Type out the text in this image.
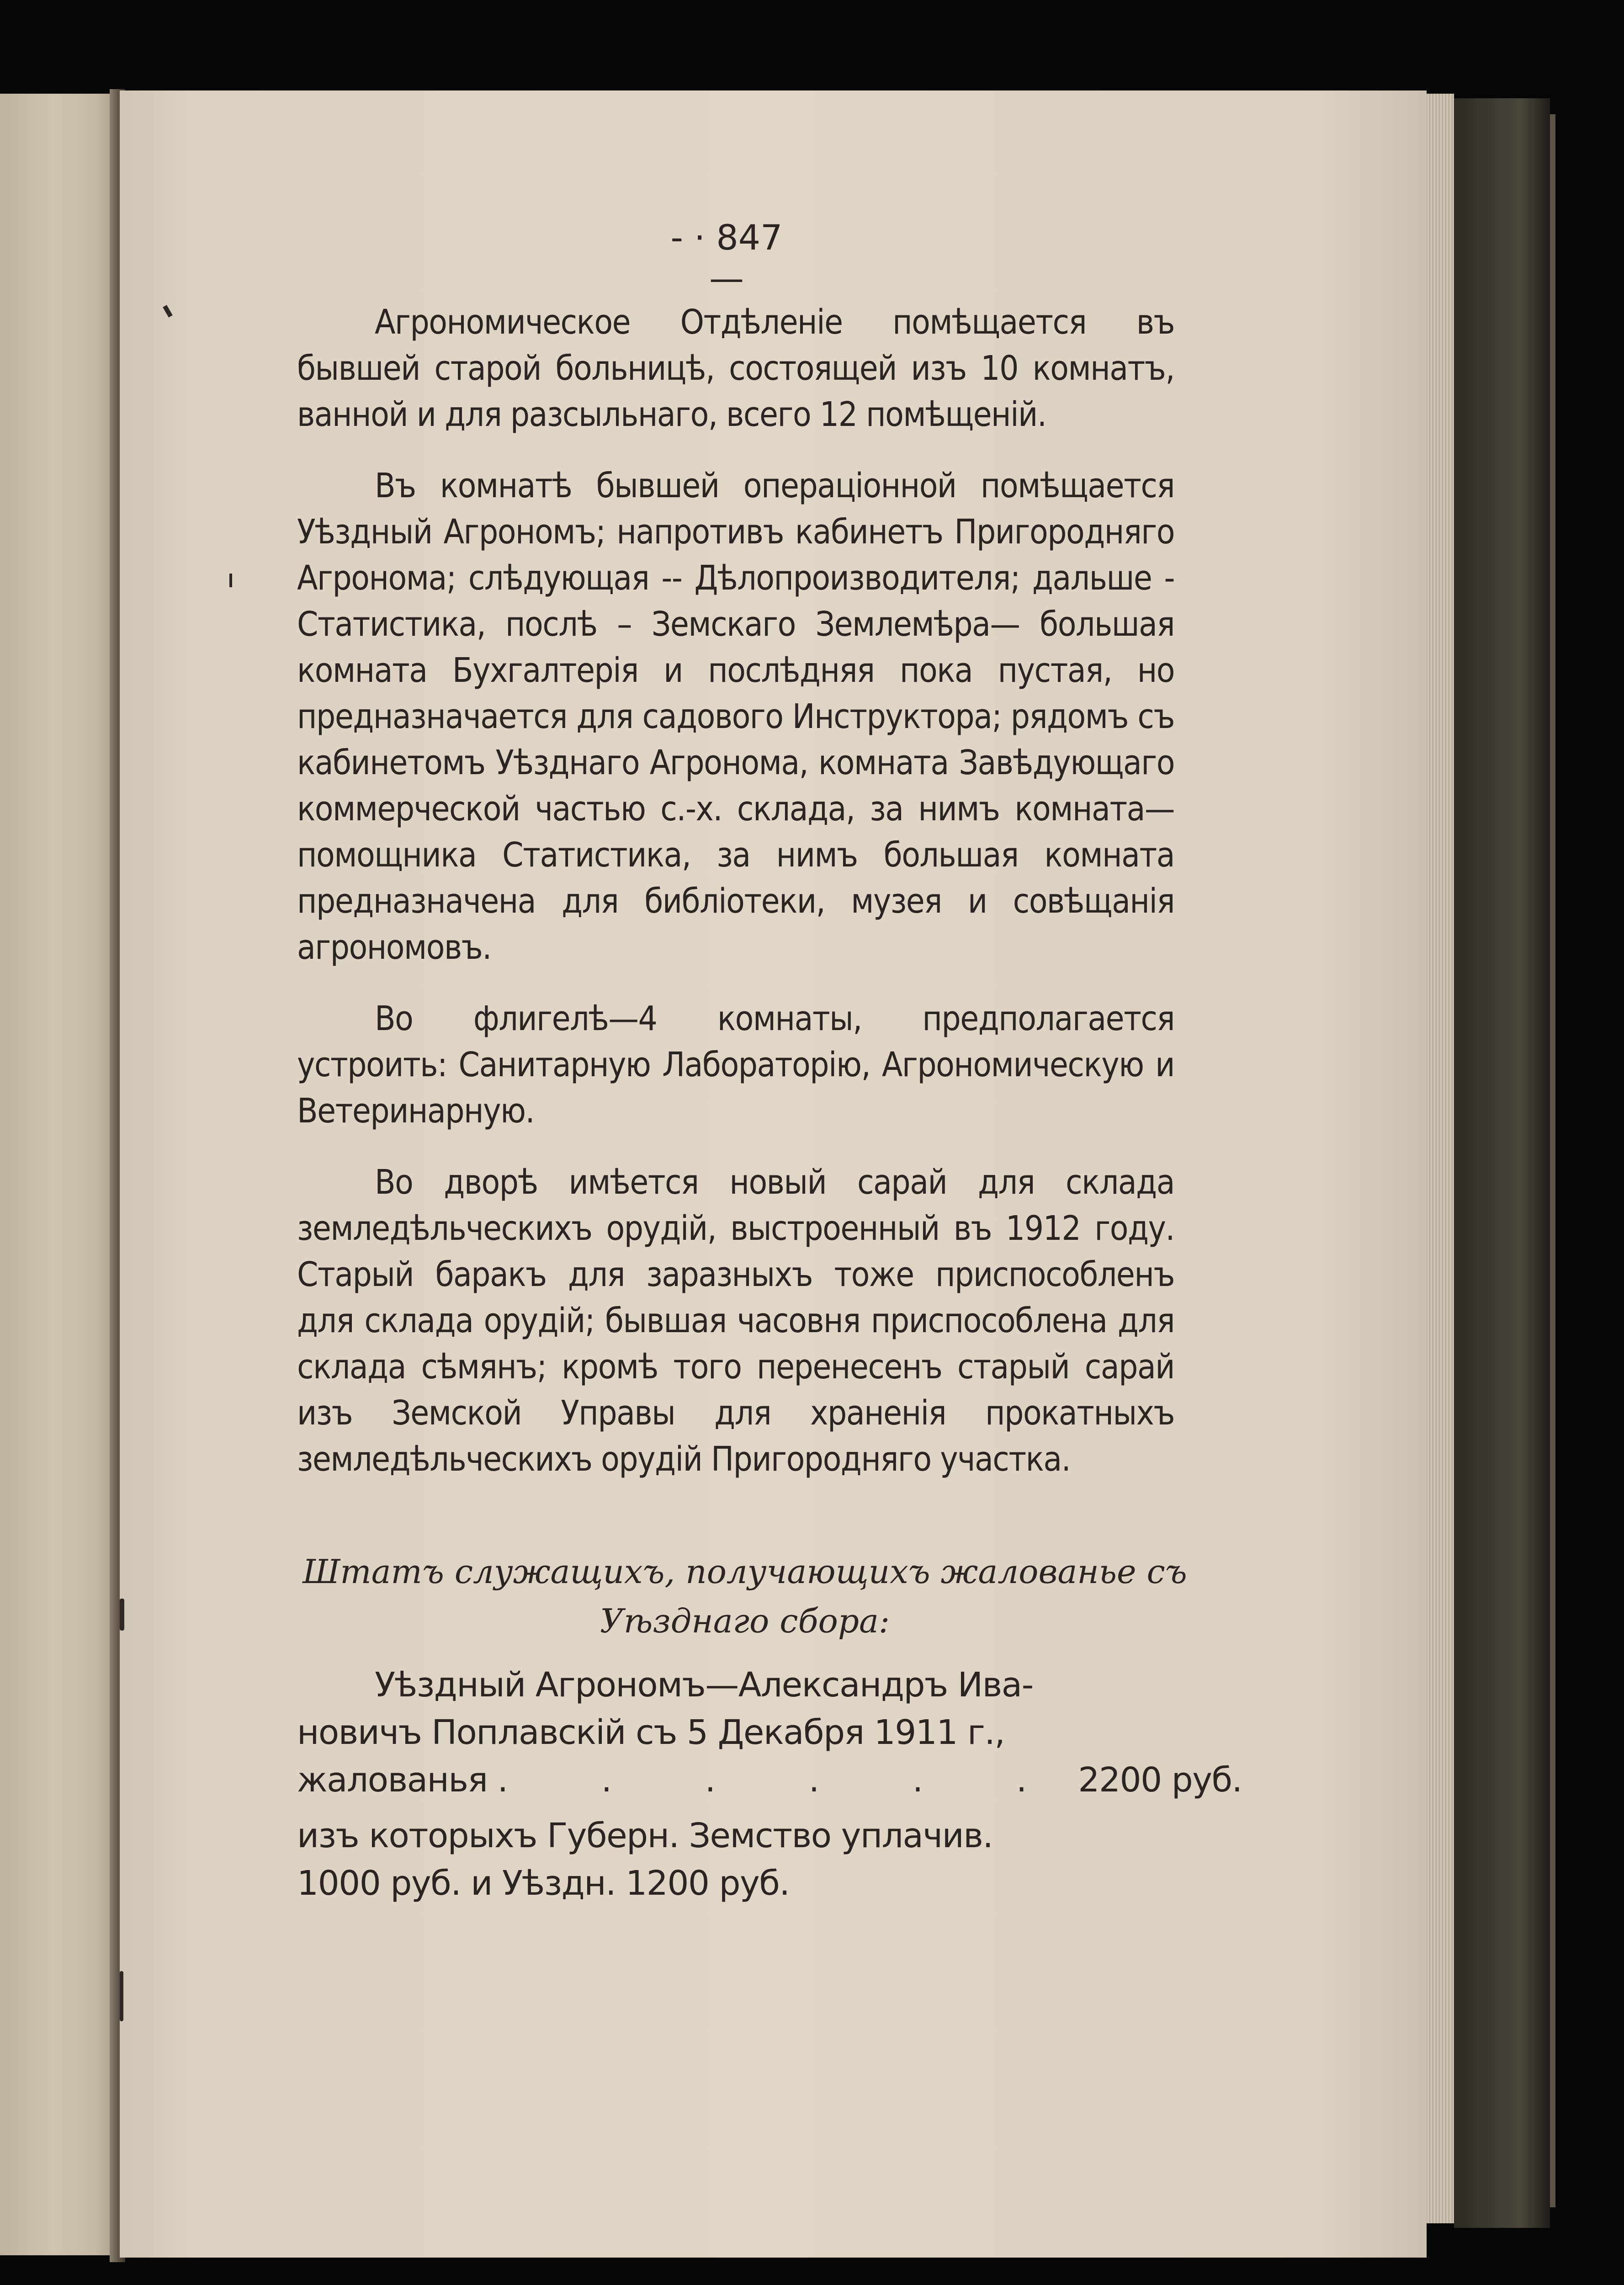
- · 847 —

Агрономическое Отдѣленіе помѣщается въ бывшей старой больницѣ, состоящей изъ 10 комнатъ, ванной и для разсыльнаго, всего 12 помѣщеній.

Въ комнатѣ бывшей операціонной помѣщается Уѣздный Агрономъ; напротивъ кабинетъ Пригородняго Агронома; слѣдующая -- Дѣлопроизводителя; дальше - Статистика, послѣ – Земскаго Землемѣра— большая комната Бухгалтерія и послѣдняя пока пустая, но предназначается для садового Инструктора; рядомъ съ кабинетомъ Уѣзднаго Агронома, комната Завѣдующаго коммерческой частью с.-х. склада, за нимъ комната—помощника Статистика, за нимъ большая комната предназначена для библіотеки, музея и совѣщанія агрономовъ.

Во флигелѣ—4 комнаты, предполагается устроить: Санитарную Лабораторію, Агрономическую и Ветеринарную.

Во дворѣ имѣется новый сарай для склада земледѣльческихъ орудій, выстроенный въ 1912 году. Старый баракъ для заразныхъ тоже приспособленъ для склада орудій; бывшая часовня приспособлена для склада сѣмянъ; кромѣ того перенесенъ старый сарай изъ Земской Управы для храненія прокатныхъ земледѣльческихъ орудій Пригородняго участка.

Штатъ служащихъ, получающихъ жалованье съ
Уѣзднаго сбора:
Уѣздный Агрономъ—Александръ Ива-
новичъ Поплавскій съ 5 Декабря 1911 г.,
жалованья . . . . . . 2200 руб.
изъ которыхъ Губерн. Земство уплачив.
1000 руб. и Уѣздн. 1200 руб.
